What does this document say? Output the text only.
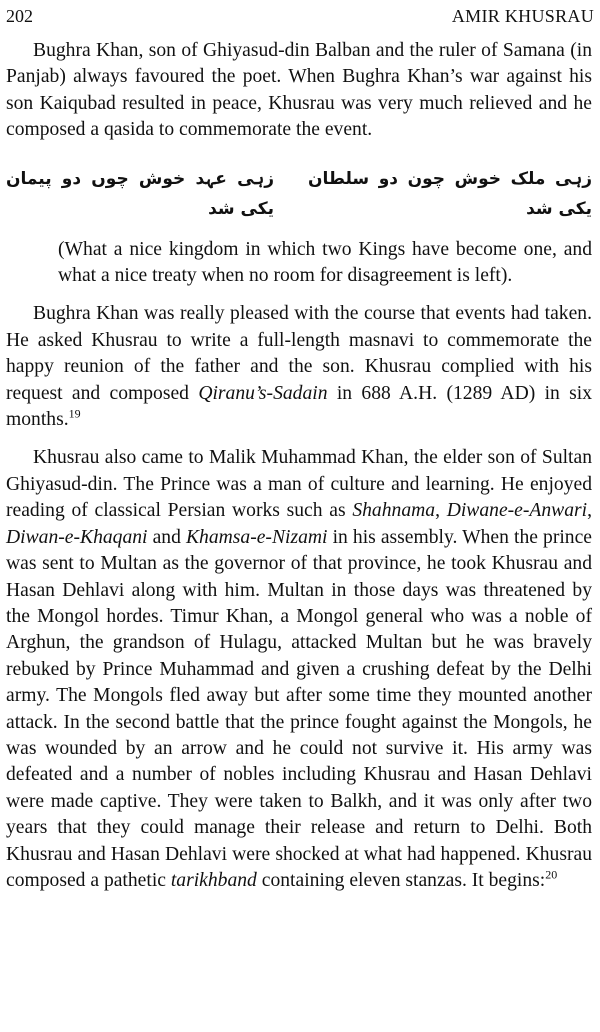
202	AMIR KHUSRAU

Bughra Khan, son of Ghiyasud-din Balban and the ruler of Samana (in Panjab) always favoured the poet. When Bughra Khan’s war against his son Kaiqubad resulted in peace, Khusrau was very much relieved and he composed a qasida to commemorate the event.

زہی ملک خوش چون دو سلطان یکی شد
زہی عہد خوش چوں دو پیمان یکی شد

(What a nice kingdom in which two Kings have become one, and what a nice treaty when no room for disagreement is left).

Bughra Khan was really pleased with the course that events had taken. He asked Khusrau to write a full-length masnavi to commemorate the happy reunion of the father and the son. Khusrau complied with his request and composed Qiranu’s-Sadain in 688 A.H. (1289 AD) in six months.$^{19}$

Khusrau also came to Malik Muhammad Khan, the elder son of Sultan Ghiyasud-din. The Prince was a man of culture and learning. He enjoyed reading of classical Persian works such as Shahnama, Diwane-e-Anwari, Diwan-e-Khaqani and Khamsa-e-Nizami in his assembly. When the prince was sent to Multan as the governor of that province, he took Khusrau and Hasan Dehlavi along with him. Multan in those days was threatened by the Mongol hordes. Timur Khan, a Mongol general who was a noble of Arghun, the grandson of Hulagu, attacked Multan but he was bravely rebuked by Prince Muhammad and given a crushing defeat by the Delhi army. The Mongols fled away but after some time they mounted another attack. In the second battle that the prince fought against the Mongols, he was wounded by an arrow and he could not survive it. His army was defeated and a number of nobles including Khusrau and Hasan Dehlavi were made captive. They were taken to Balkh, and it was only after two years that they could manage their release and return to Delhi. Both Khusrau and Hasan Dehlavi were shocked at what had happened. Khusrau composed a pathetic tarikhband containing eleven stanzas. It begins:$^{20}$
